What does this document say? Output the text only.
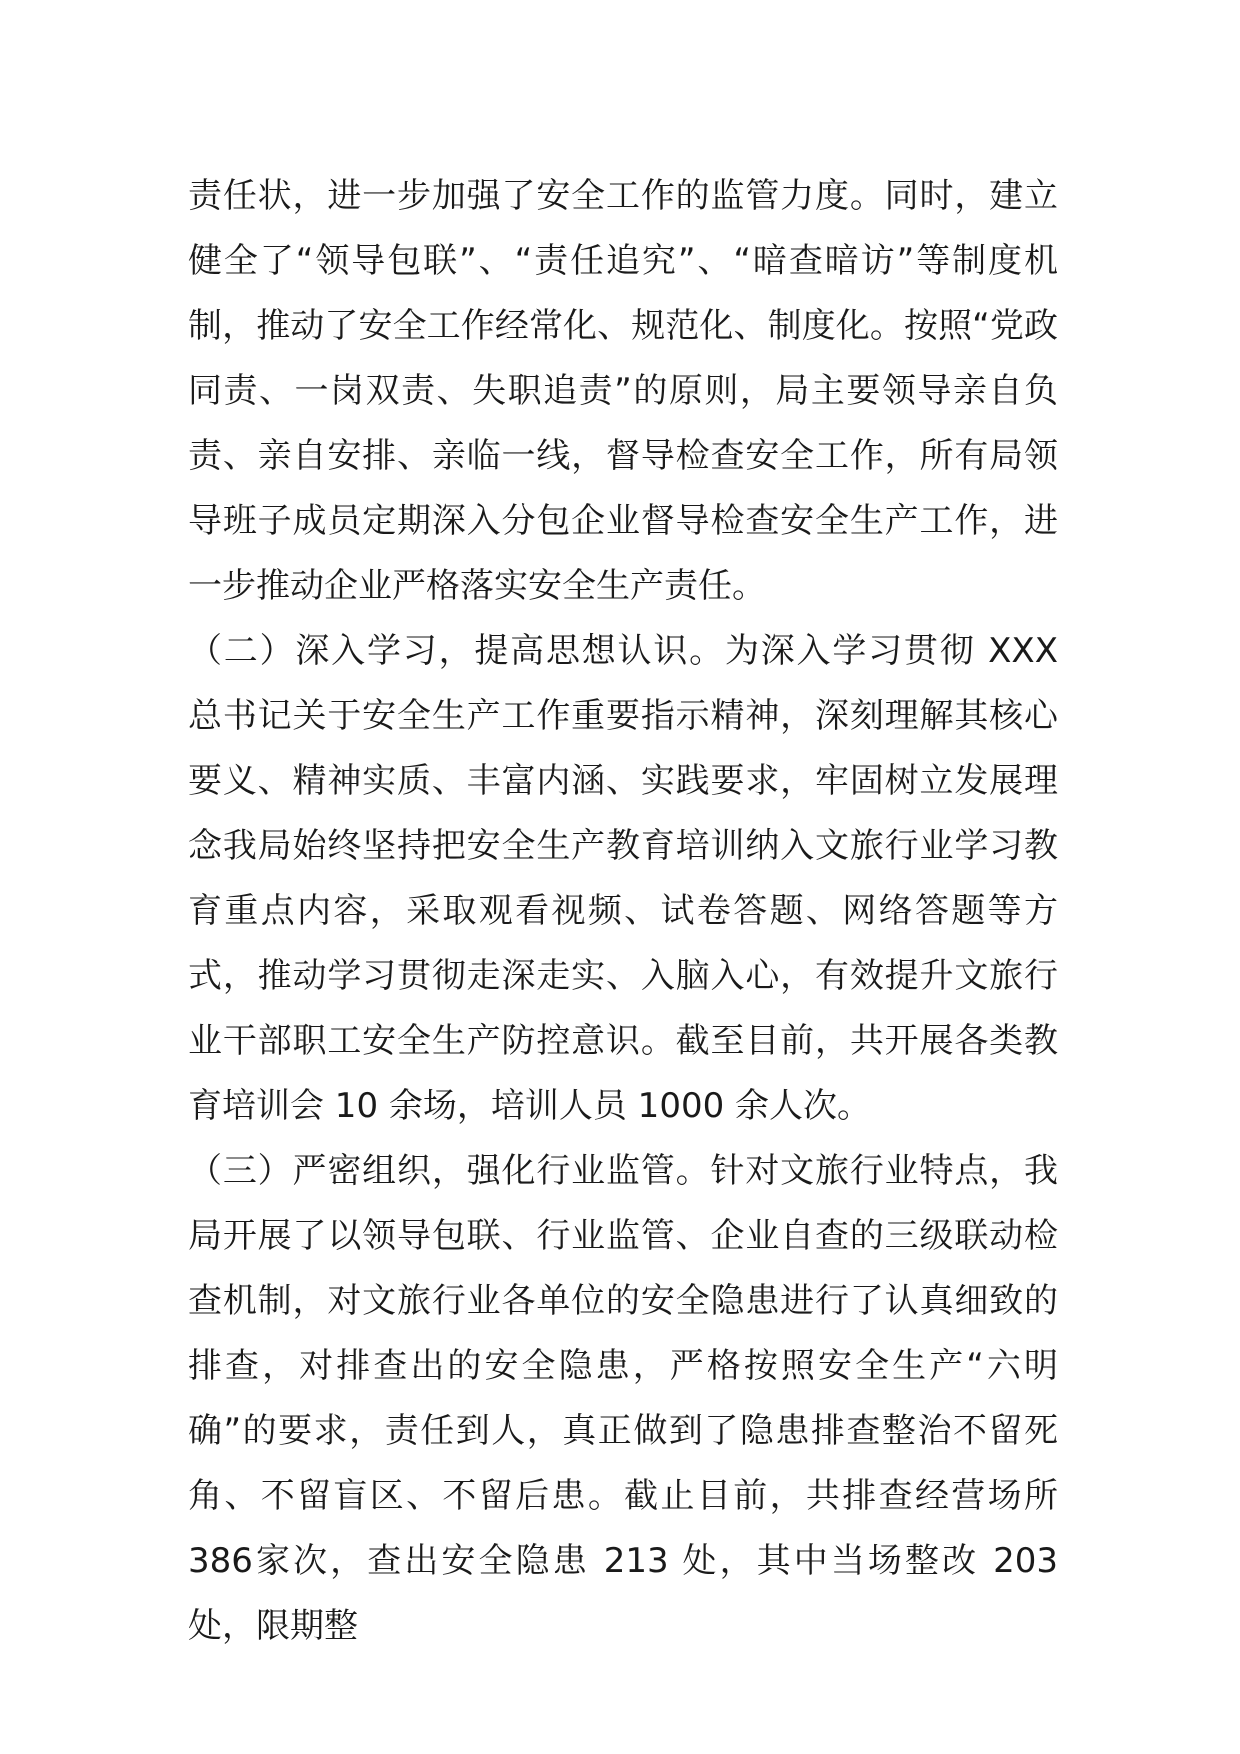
责任状，进一步加强了安全工作的监管力度。同时，建立健全了“领导包联”、“责任追究”、“暗查暗访”等制度机制，推动了安全工作经常化、规范化、制度化。按照“党政同责、一岗双责、失职追责”的原则，局主要领导亲自负责、亲自安排、亲临一线，督导检查安全工作，所有局领导班子成员定期深入分包企业督导检查安全生产工作，进一步推动企业严格落实安全生产责任。

（二）深入学习，提高思想认识。为深入学习贯彻 XXX 总书记关于安全生产工作重要指示精神，深刻理解其核心要义、精神实质、丰富内涵、实践要求，牢固树立发展理念我局始终坚持把安全生产教育培训纳入文旅行业学习教育重点内容，采取观看视频、试卷答题、网络答题等方式，推动学习贯彻走深走实、入脑入心，有效提升文旅行业干部职工安全生产防控意识。截至目前，共开展各类教育培训会 10 余场，培训人员 1000 余人次。

（三）严密组织，强化行业监管。针对文旅行业特点，我局开展了以领导包联、行业监管、企业自查的三级联动检查机制，对文旅行业各单位的安全隐患进行了认真细致的排查，对排查出的安全隐患，严格按照安全生产“六明确”的要求，责任到人，真正做到了隐患排查整治不留死角、不留盲区、不留后患。截止目前，共排查经营场所 386家次，查出安全隐患 213 处，其中当场整改 203 处，限期整
